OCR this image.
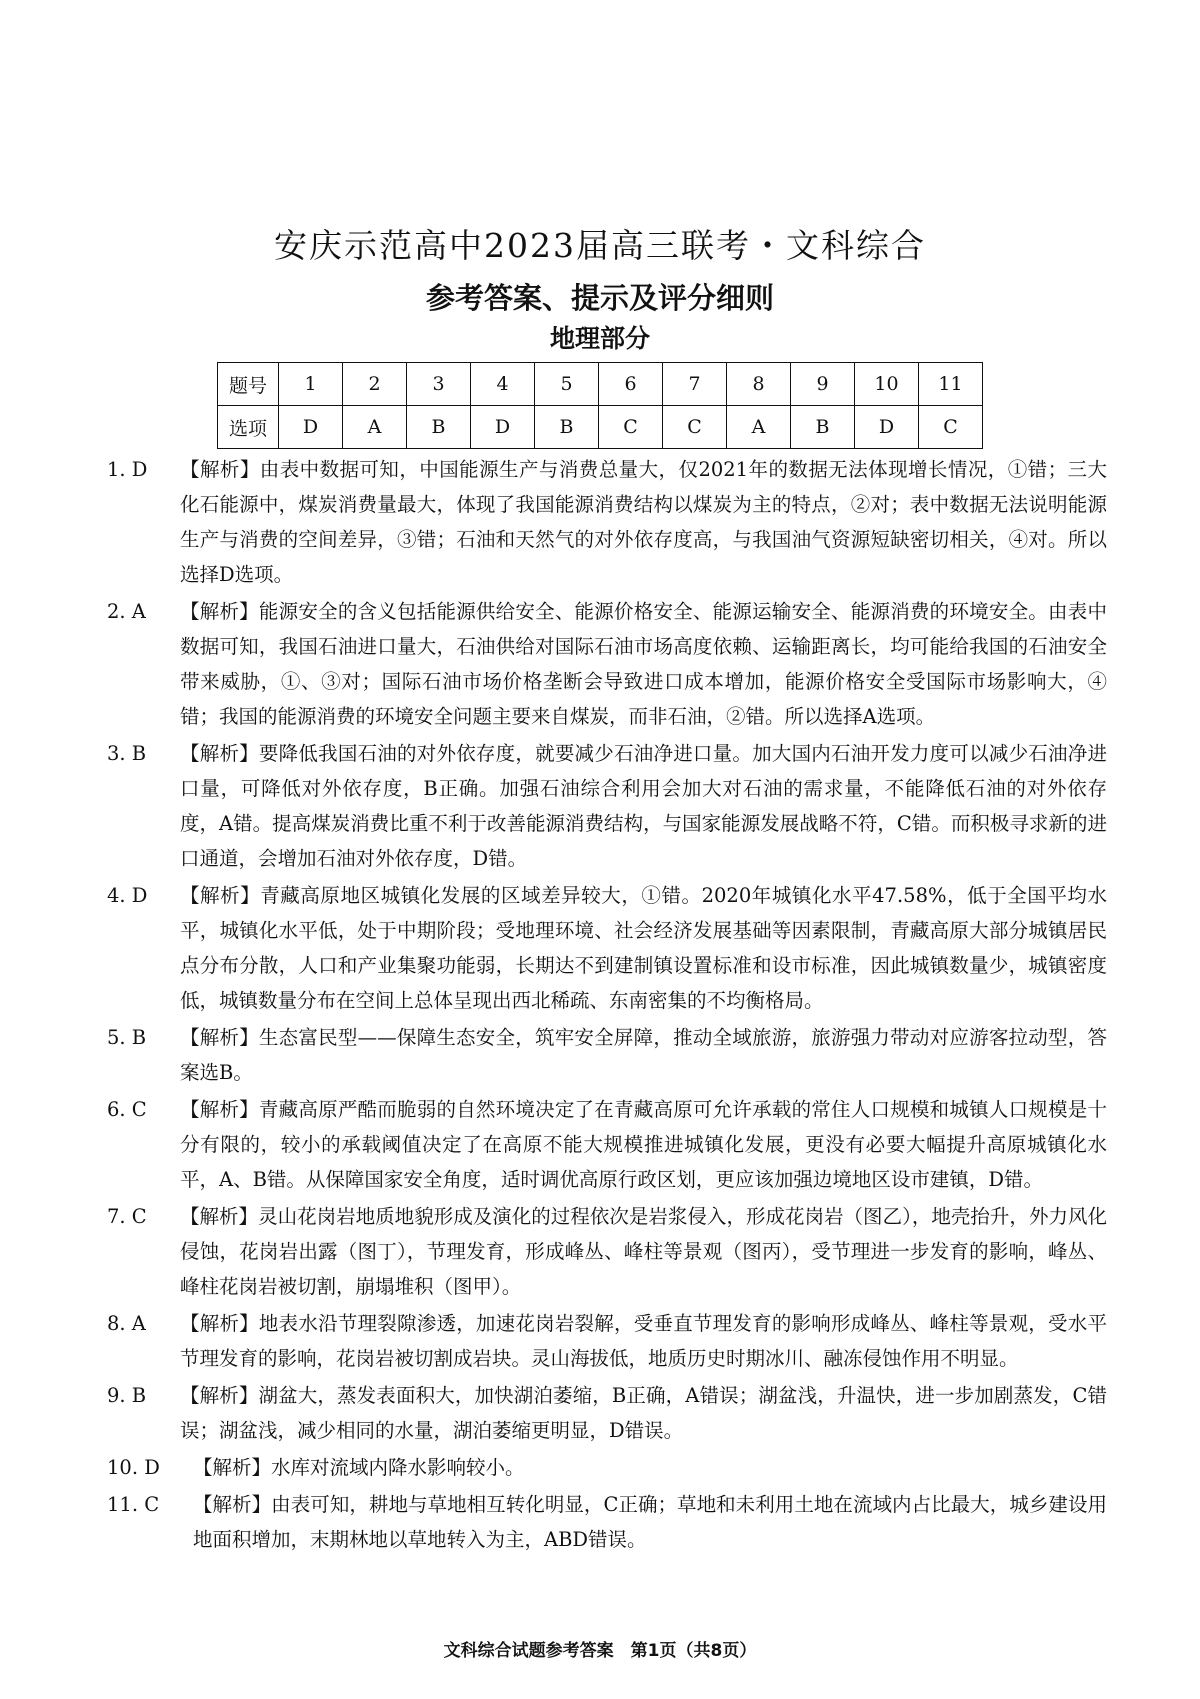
安庆示范高中2023届高三联考・文科综合
参考答案、提示及评分细则
地理部分
题号	1	2	3	4	5	6	7	8	9	10	11
选项	D	A	B	D	B	C	C	A	B	D	C
1. D	【解析】由表中数据可知，中国能源生产与消费总量大，仅2021年的数据无法体现增长情况，①错；三大化石能源中，煤炭消费量最大，体现了我国能源消费结构以煤炭为主的特点，②对；表中数据无法说明能源生产与消费的空间差异，③错；石油和天然气的对外依存度高，与我国油气资源短缺密切相关，④对。所以选择D选项。
2. A	【解析】能源安全的含义包括能源供给安全、能源价格安全、能源运输安全、能源消费的环境安全。由表中数据可知，我国石油进口量大，石油供给对国际石油市场高度依赖、运输距离长，均可能给我国的石油安全带来威胁，①、③对；国际石油市场价格垄断会导致进口成本增加，能源价格安全受国际市场影响大，④错；我国的能源消费的环境安全问题主要来自煤炭，而非石油，②错。所以选择A选项。
3. B	【解析】要降低我国石油的对外依存度，就要减少石油净进口量。加大国内石油开发力度可以减少石油净进口量，可降低对外依存度，B正确。加强石油综合利用会加大对石油的需求量，不能降低石油的对外依存度，A错。提高煤炭消费比重不利于改善能源消费结构，与国家能源发展战略不符，C错。而积极寻求新的进口通道，会增加石油对外依存度，D错。
4. D	【解析】青藏高原地区城镇化发展的区域差异较大，①错。2020年城镇化水平47.58%，低于全国平均水平，城镇化水平低，处于中期阶段；受地理环境、社会经济发展基础等因素限制，青藏高原大部分城镇居民点分布分散，人口和产业集聚功能弱，长期达不到建制镇设置标准和设市标准，因此城镇数量少，城镇密度低，城镇数量分布在空间上总体呈现出西北稀疏、东南密集的不均衡格局。
5. B	【解析】生态富民型——保障生态安全，筑牢安全屏障，推动全域旅游，旅游强力带动对应游客拉动型，答案选B。
6. C	【解析】青藏高原严酷而脆弱的自然环境决定了在青藏高原可允许承载的常住人口规模和城镇人口规模是十分有限的，较小的承载阈值决定了在高原不能大规模推进城镇化发展，更没有必要大幅提升高原城镇化水平，A、B错。从保障国家安全角度，适时调优高原行政区划，更应该加强边境地区设市建镇，D错。
7. C	【解析】灵山花岗岩地质地貌形成及演化的过程依次是岩浆侵入，形成花岗岩（图乙），地壳抬升，外力风化侵蚀，花岗岩出露（图丁），节理发育，形成峰丛、峰柱等景观（图丙），受节理进一步发育的影响，峰丛、峰柱花岗岩被切割，崩塌堆积（图甲）。
8. A	【解析】地表水沿节理裂隙渗透，加速花岗岩裂解，受垂直节理发育的影响形成峰丛、峰柱等景观，受水平节理发育的影响，花岗岩被切割成岩块。灵山海拔低，地质历史时期冰川、融冻侵蚀作用不明显。
9. B	【解析】湖盆大，蒸发表面积大，加快湖泊萎缩，B正确，A错误；湖盆浅，升温快，进一步加剧蒸发，C错误；湖盆浅，减少相同的水量，湖泊萎缩更明显，D错误。
10. D	【解析】水库对流域内降水影响较小。
11. C	【解析】由表可知，耕地与草地相互转化明显，C正确；草地和未利用土地在流域内占比最大，城乡建设用地面积增加，末期林地以草地转入为主，ABD错误。
文科综合试题参考答案　第1页（共8页）
